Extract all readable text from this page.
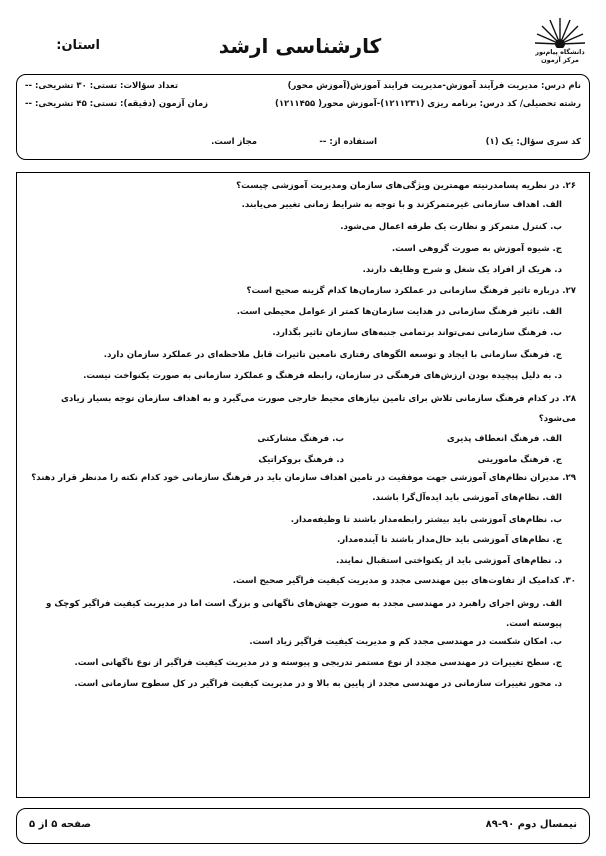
دانشگاه پیام‌نور
مرکز آزمون
کارشناسی ارشد
استان:
نام درس: مدیریت فرآیند آموزش-مدیریت فرایند آموزش(آموزش محور)
تعداد سؤالات: تستی: ۳۰ تشریحی: --
رشته تحصیلی/ کد درس: برنامه ریزی (۱۲۱۱۲۳۱)-آموزش محور( ۱۲۱۱۴۵۵)
زمان آزمون (دقیقه): تستی: ۴۵ تشریحی: --
کد سری سؤال: یک (۱)
استفاده از: --
مجاز است.
۲۶. در نظریه پسامدرنیته مهمترین ویژگی‌های سازمان ومدیریت آموزشی چیست؟
الف. اهداف سازمانی غیرمتمرکزند و با توجه به شرایط زمانی تغییر می‌یابند.
ب. کنترل متمرکز و نظارت یک طرفه اعمال می‌شود.
ج. شیوه آموزش به صورت گروهی است.
د. هریک از افراد یک شغل و شرح وظایف دارند.
۲۷. درباره تاثیر فرهنگ سازمانی در عملکرد سازمان‌ها کدام گزینه صحیح است؟
الف. تاثیر فرهنگ سازمانی در هدایت سازمان‌ها کمتر از عوامل محیطی است.
ب. فرهنگ سازمانی نمی‌تواند برتمامی جنبه‌های سازمان تاثیر بگذارد.
ج. فرهنگ سازمانی با ایجاد و توسعه الگوهای رفتاری نامعین تاثیرات قابل ملاحظه‌ای در عملکرد سازمان دارد.
د. به دلیل پیچیده بودن ارزش‌های فرهنگی در سازمان، رابطه فرهنگ و عملکرد سازمانی به صورت یکنواخت نیست.
۲۸. در کدام فرهنگ سازمانی تلاش برای تامین نیازهای محیط خارجی صورت می‌گیرد و به اهداف سازمان توجه بسیار زیادی می‌شود؟
الف. فرهنگ انعطاف پذیری
ب. فرهنگ مشارکتی
ج. فرهنگ ماموریتی
د. فرهنگ بروکراتیک
۲۹. مدیران نظام‌های آموزشی جهت موفقیت در تامین اهداف سازمان باید در فرهنگ سازمانی خود کدام نکته را مدنظر قرار دهند؟
الف. نظام‌های آموزشی باید ایده‌آل‌گرا باشند.
ب. نظام‌های آموزشی باید بیشتر رابطه‌مدار باشند تا وظیفه‌مدار.
ج. نظام‌های آموزشی باید حال‌مدار باشند تا آینده‌مدار.
د. نظام‌های آموزشی باید از یکنواختی استقبال نمایند.
۳۰. کدامیک از تفاوت‌های بین مهندسی مجدد و مدیریت کیفیت فراگیر صحیح است.
الف. روش اجرای راهبرد در مهندسی مجدد به صورت جهش‌های ناگهانی و بزرگ است اما در مدیریت کیفیت فراگیر کوچک و پیوسته است.
ب. امکان شکست در مهندسی مجدد کم و مدیریت کیفیت فراگیر زیاد است.
ج. سطح تغییرات در مهندسی مجدد از نوع مستمر تدریجی و پیوسته و در مدیریت کیفیت فراگیر از نوع ناگهانی است.
د. محور تغییرات سازمانی در مهندسی مجدد از پایین به بالا و در مدیریت کیفیت فراگیر در کل سطوح سازمانی است.
نیمسال دوم ۹۰-۸۹
صفحه ۵ از ۵
